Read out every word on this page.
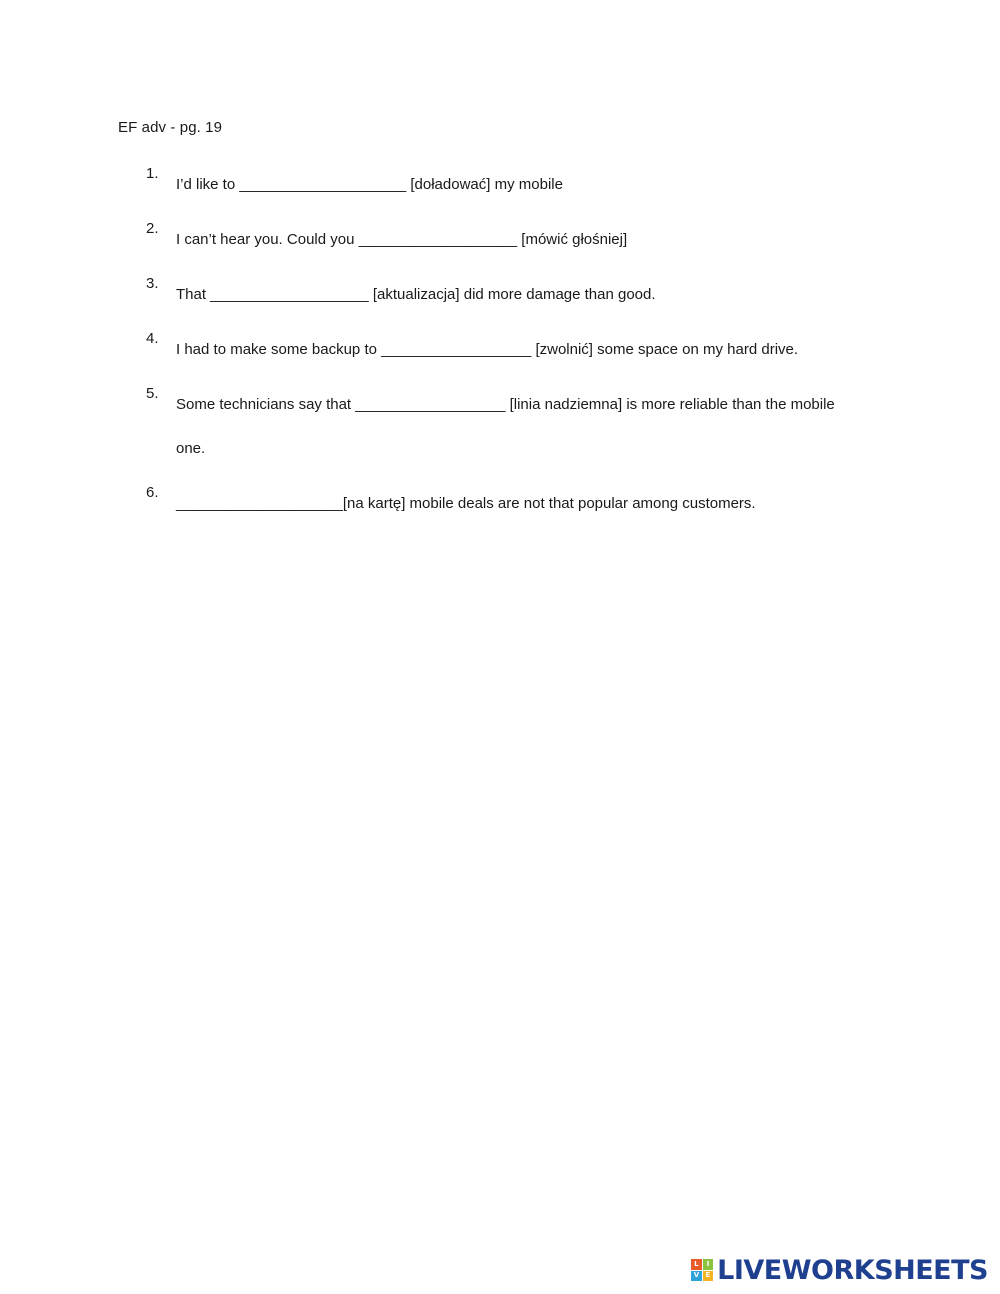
EF adv - pg. 19
1.
I’d like to ____________________ [doładować] my mobile
2.
I can’t hear you. Could you ___________________ [mówić głośniej]
3.
That ___________________ [aktualizacja] did more damage than good.
4.
I had to make some backup to __________________ [zwolnić] some space on my hard drive.
5.
Some technicians say that __________________ [linia nadziemna] is more reliable than the mobile one.
6.
____________________[na kartę] mobile deals are not that popular among customers.
L	I
V E LIVEWORKSHEETS
